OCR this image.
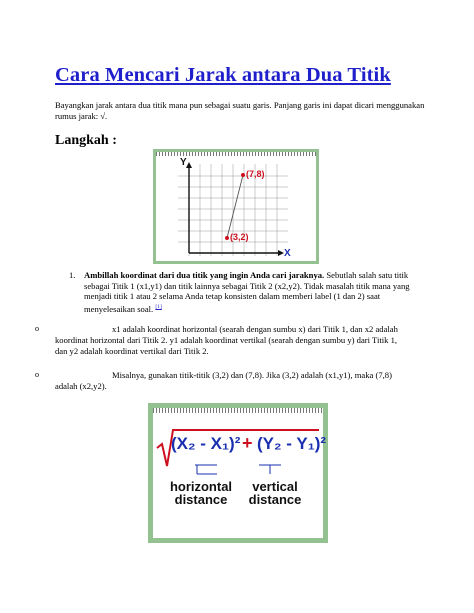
Cara Mencari Jarak antara Dua Titik
Bayangkan jarak antara dua titik mana pun sebagai suatu garis. Panjang garis ini dapat dicari menggunakan rumus jarak: √.
Langkah :
Y
X
(3,2)
(7,8)
1. Ambillah koordinat dari dua titik yang ingin Anda cari jaraknya. Sebutlah salah satu titik sebagai Titik 1 (x1,y1) dan titik lainnya sebagai Titik 2 (x2,y2). Tidak masalah titik mana yang menjadi titik 1 atau 2 selama Anda tetap konsisten dalam memberi label (1 dan 2) saat menyelesaikan soal. [1]
o	x1 adalah koordinat horizontal (searah dengan sumbu x) dari Titik 1, dan x2 adalah koordinat horizontal dari Titik 2. y1 adalah koordinat vertikal (searah dengan sumbu y) dari Titik 1, dan y2 adalah koordinat vertikal dari Titik 2.
o	Misalnya, gunakan titik-titik (3,2) dan (7,8). Jika (3,2) adalah (x1,y1), maka (7,8) adalah (x2,y2).
(X₂ - X₁)² + (Y₂ - Y₁)²
horizontal
distance
vertical
distance
